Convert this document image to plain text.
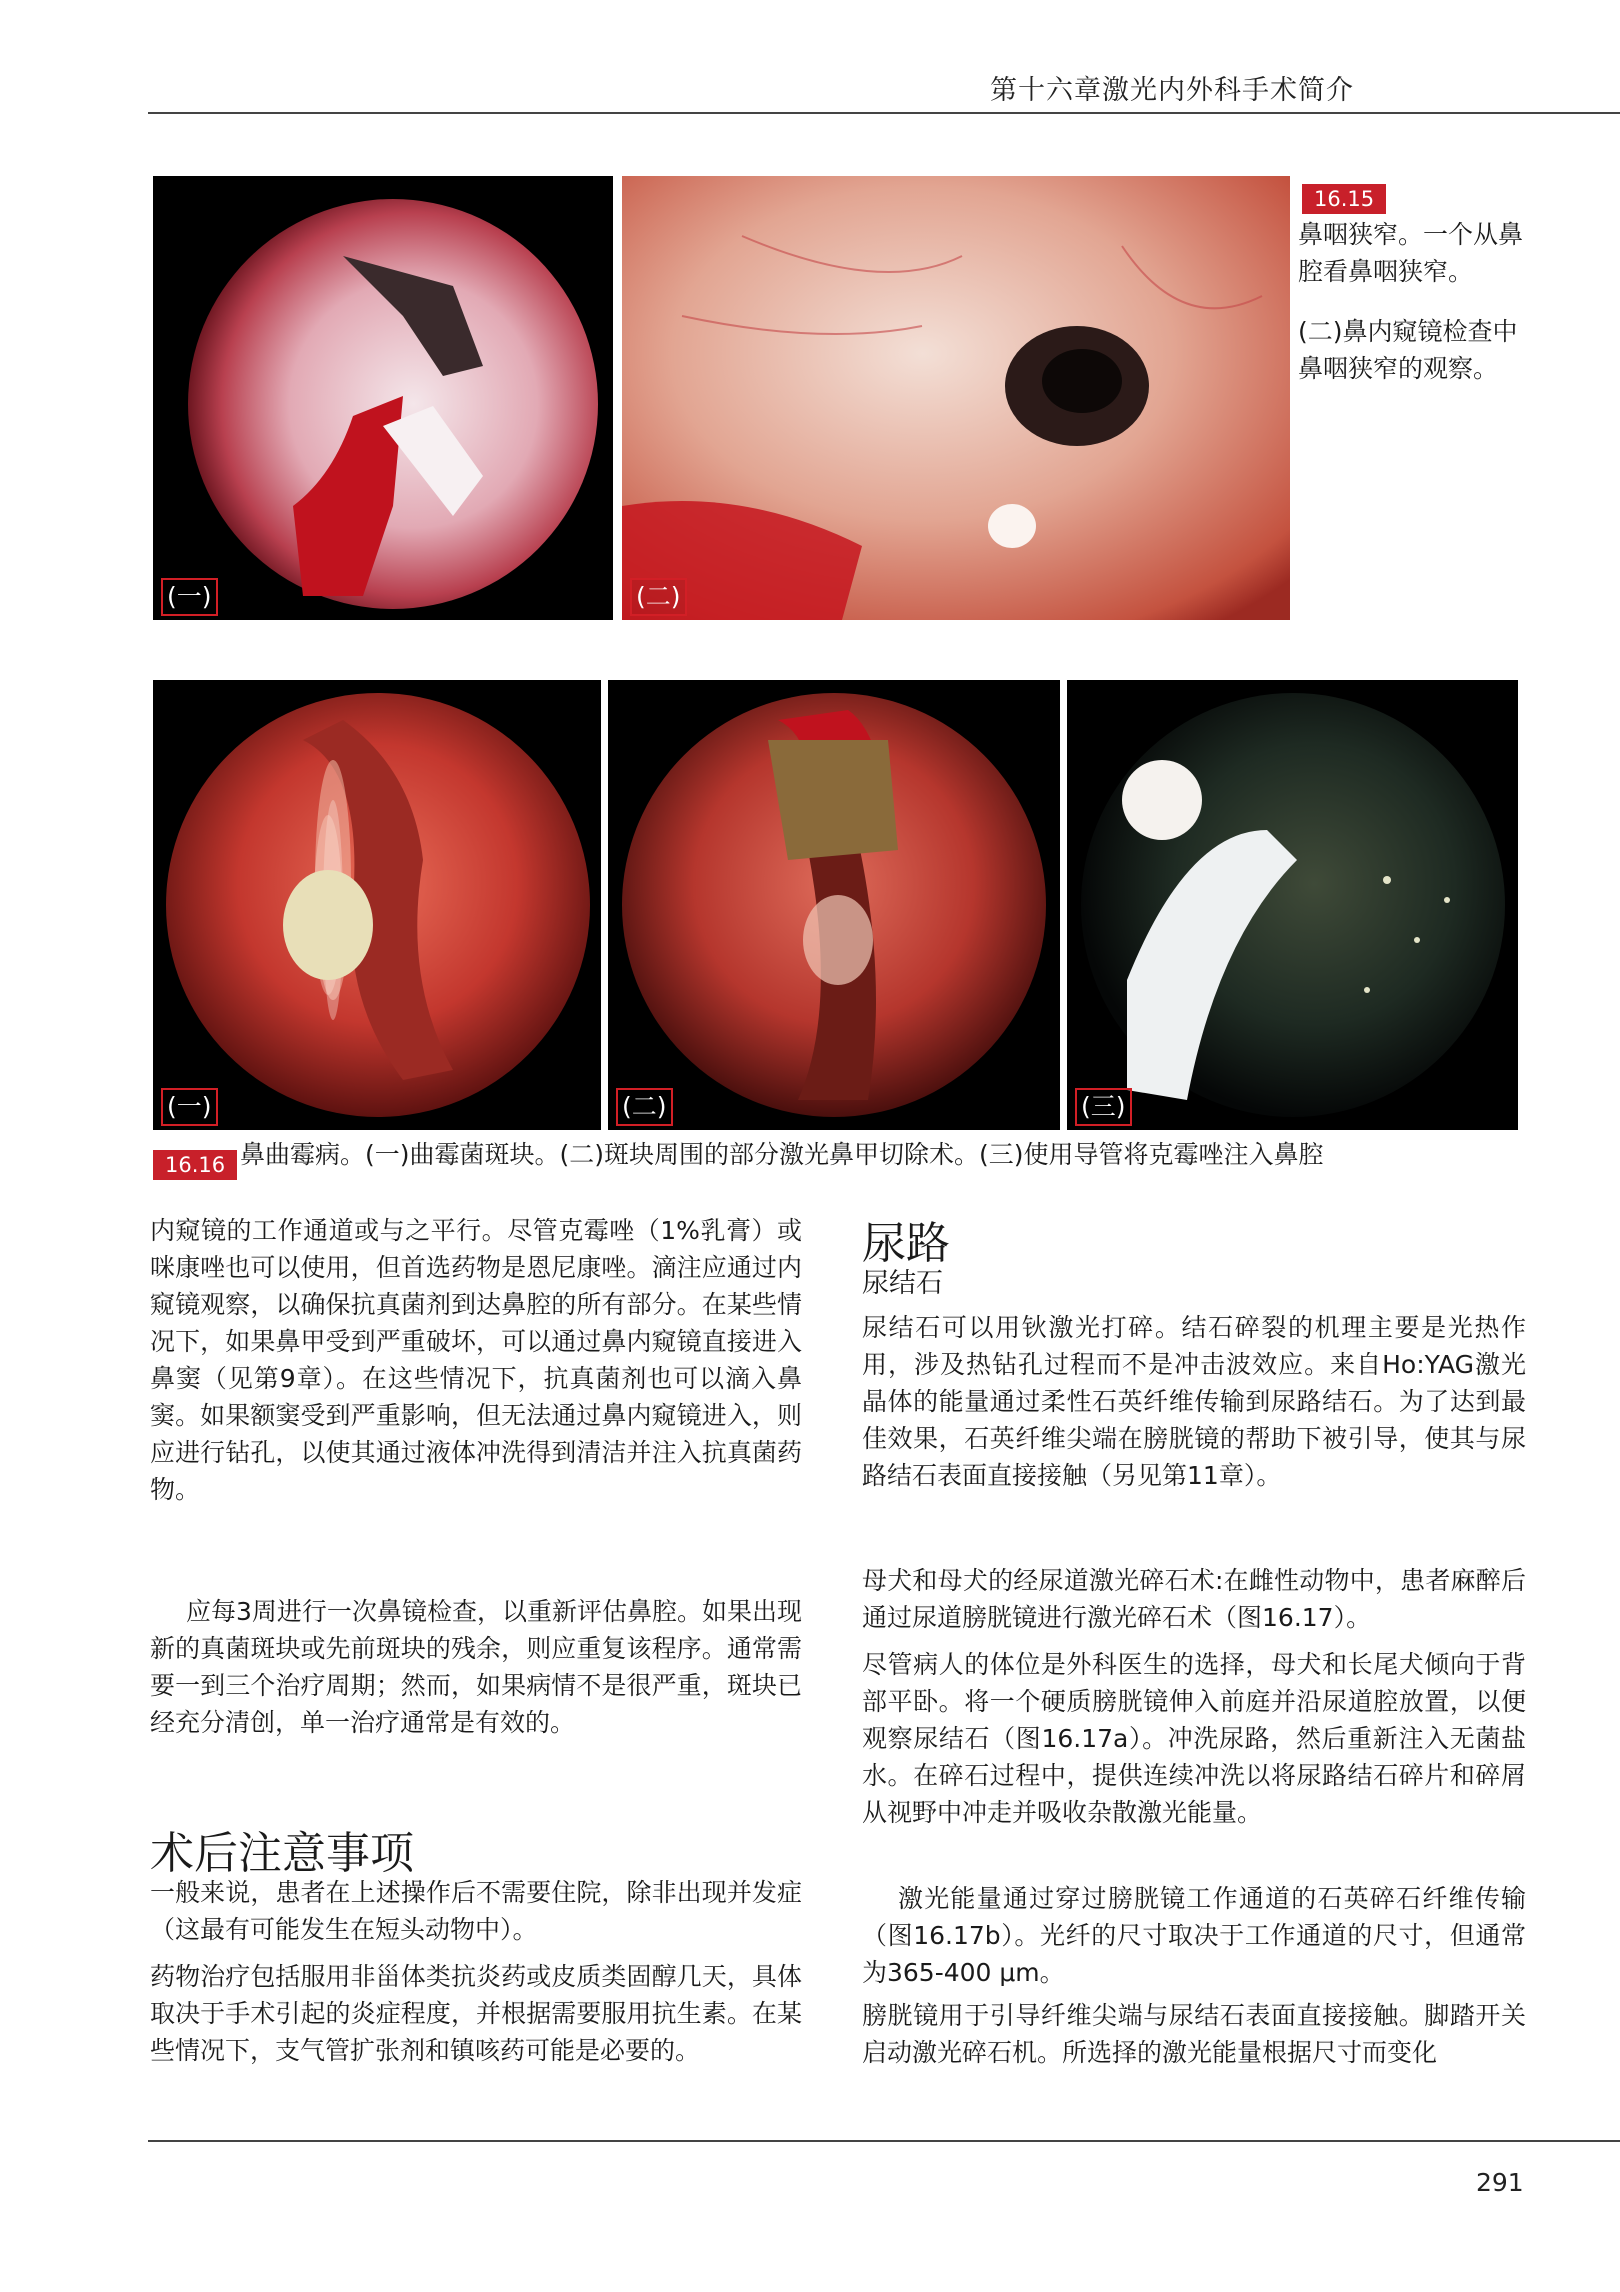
第十六章激光内外科手术简介
(一)	(二)
16.15
鼻咽狭窄。一个从鼻腔看鼻咽狭窄。
(二)鼻内窥镜检查中鼻咽狭窄的观察。
(一)	(二)	(三)
16.16 鼻曲霉病。(一)曲霉菌斑块。(二)斑块周围的部分激光鼻甲切除术。(三)使用导管将克霉唑注入鼻腔

内窥镜的工作通道或与之平行。尽管克霉唑（1%乳膏）或咪康唑也可以使用，但首选药物是恩尼康唑。滴注应通过内窥镜观察，以确保抗真菌剂到达鼻腔的所有部分。在某些情况下，如果鼻甲受到严重破坏，可以通过鼻内窥镜直接进入鼻窦（见第9章）。在这些情况下，抗真菌剂也可以滴入鼻窦。如果额窦受到严重影响，但无法通过鼻内窥镜进入，则应进行钻孔，以使其通过液体冲洗得到清洁并注入抗真菌药物。

应每3周进行一次鼻镜检查，以重新评估鼻腔。如果出现新的真菌斑块或先前斑块的残余，则应重复该程序。通常需要一到三个治疗周期；然而，如果病情不是很严重，斑块已经充分清创，单一治疗通常是有效的。

术后注意事项

一般来说，患者在上述操作后不需要住院，除非出现并发症（这最有可能发生在短头动物中）。

药物治疗包括服用非甾体类抗炎药或皮质类固醇几天，具体取决于手术引起的炎症程度，并根据需要服用抗生素。在某些情况下，支气管扩张剂和镇咳药可能是必要的。

尿路
尿结石

尿结石可以用钬激光打碎。结石碎裂的机理主要是光热作用，涉及热钻孔过程而不是冲击波效应。来自Ho:YAG激光晶体的能量通过柔性石英纤维传输到尿路结石。为了达到最佳效果，石英纤维尖端在膀胱镜的帮助下被引导，使其与尿路结石表面直接接触（另见第11章）。

母犬和母犬的经尿道激光碎石术:在雌性动物中，患者麻醉后通过尿道膀胱镜进行激光碎石术（图16.17）。

尽管病人的体位是外科医生的选择，母犬和长尾犬倾向于背部平卧。将一个硬质膀胱镜伸入前庭并沿尿道腔放置，以便观察尿结石（图16.17a）。冲洗尿路，然后重新注入无菌盐水。在碎石过程中，提供连续冲洗以将尿路结石碎片和碎屑从视野中冲走并吸收杂散激光能量。

激光能量通过穿过膀胱镜工作通道的石英碎石纤维传输（图16.17b）。光纤的尺寸取决于工作通道的尺寸，但通常为365-400 μm。

膀胱镜用于引导纤维尖端与尿结石表面直接接触。脚踏开关启动激光碎石机。所选择的激光能量根据尺寸而变化

291
